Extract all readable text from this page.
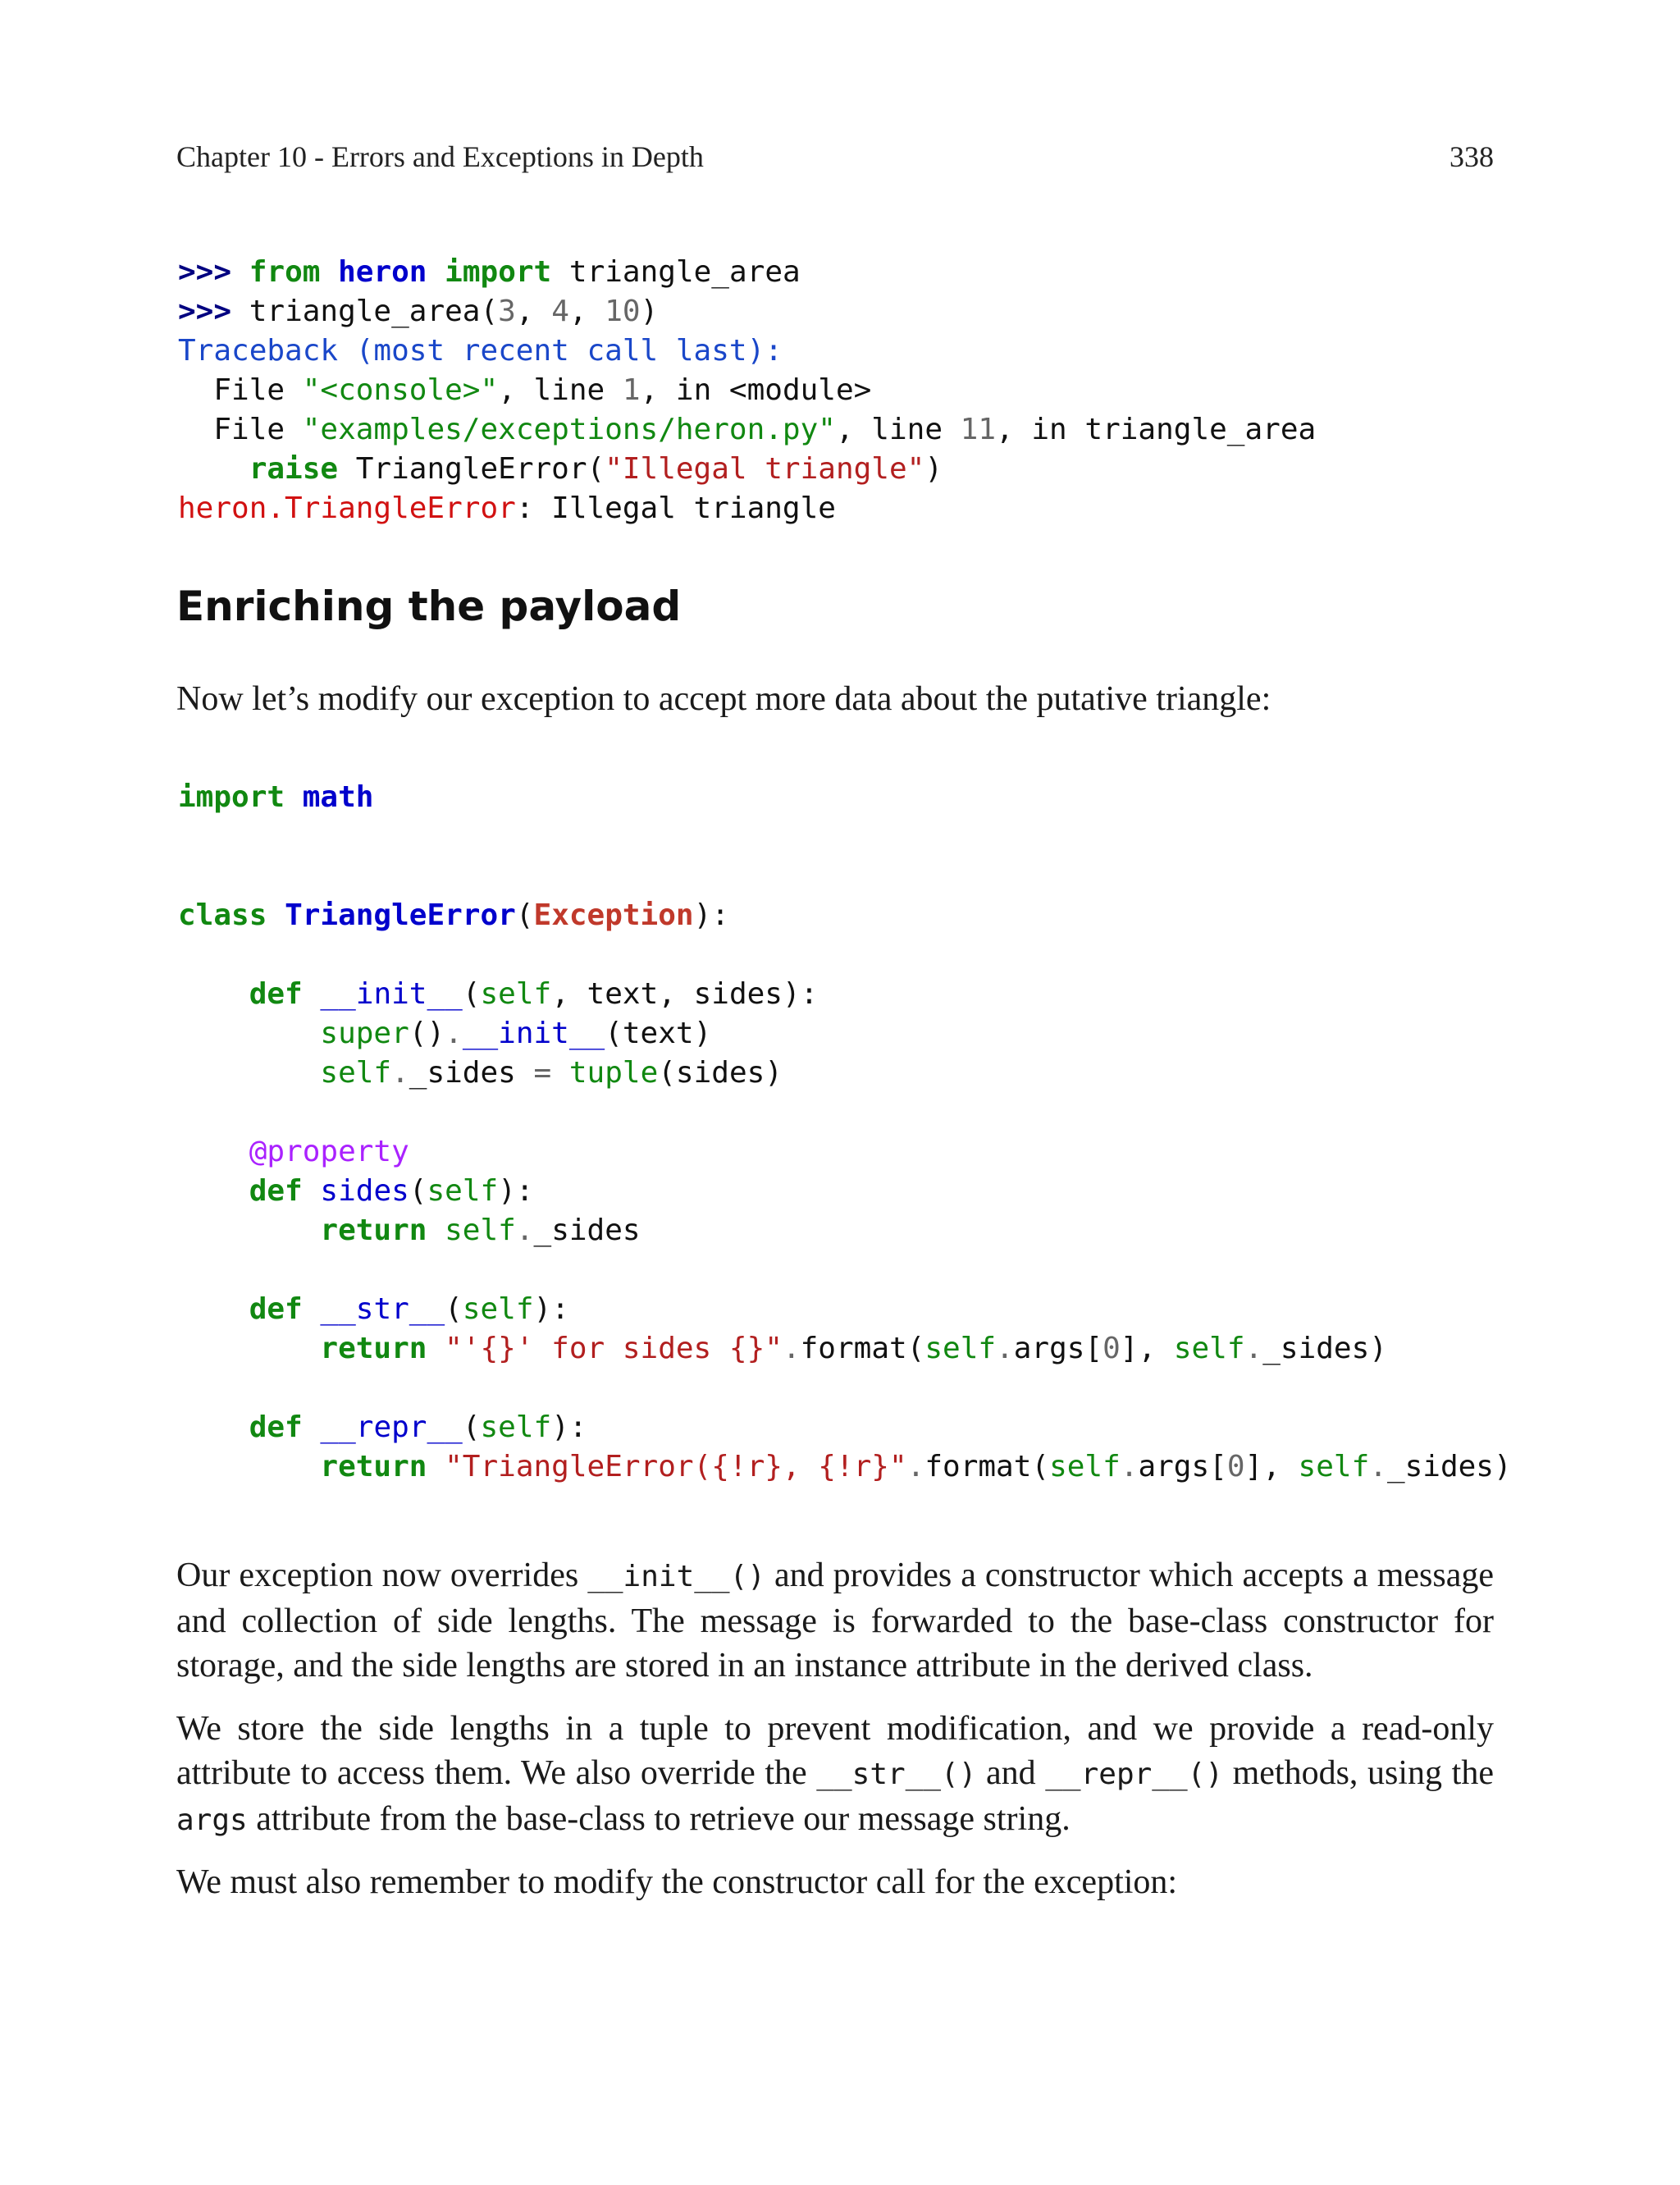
Chapter 10 - Errors and Exceptions in Depth	338
>>> from heron import triangle_area
>>> triangle_area(3, 4, 10)
Traceback (most recent call last):
File "<console>", line 1, in <module>
File "examples/exceptions/heron.py", line 11, in triangle_area
raise TriangleError("Illegal triangle")
heron.TriangleError: Illegal triangle
Enriching the payload

Now let’s modify our exception to accept more data about the putative triangle:

import math

class TriangleError(Exception):

def __init__(self, text, sides):
super().__init__(text)
self._sides = tuple(sides)

@property
def sides(self):
return self._sides

def __str__(self):
return "'{}' for sides {}".format(self.args[0], self._sides)

def __repr__(self):
return "TriangleError({!r}, {!r}".format(self.args[0], self._sides)

Our exception now overrides __init__() and provides a constructor which accepts a message and collection of side lengths. The message is forwarded to the base-class constructor for storage, and the side lengths are stored in an instance attribute in the derived class.

We store the side lengths in a tuple to prevent modification, and we provide a read-only attribute to access them. We also override the __str__() and __repr__() methods, using the args attribute from the base-class to retrieve our message string.

We must also remember to modify the constructor call for the exception:
